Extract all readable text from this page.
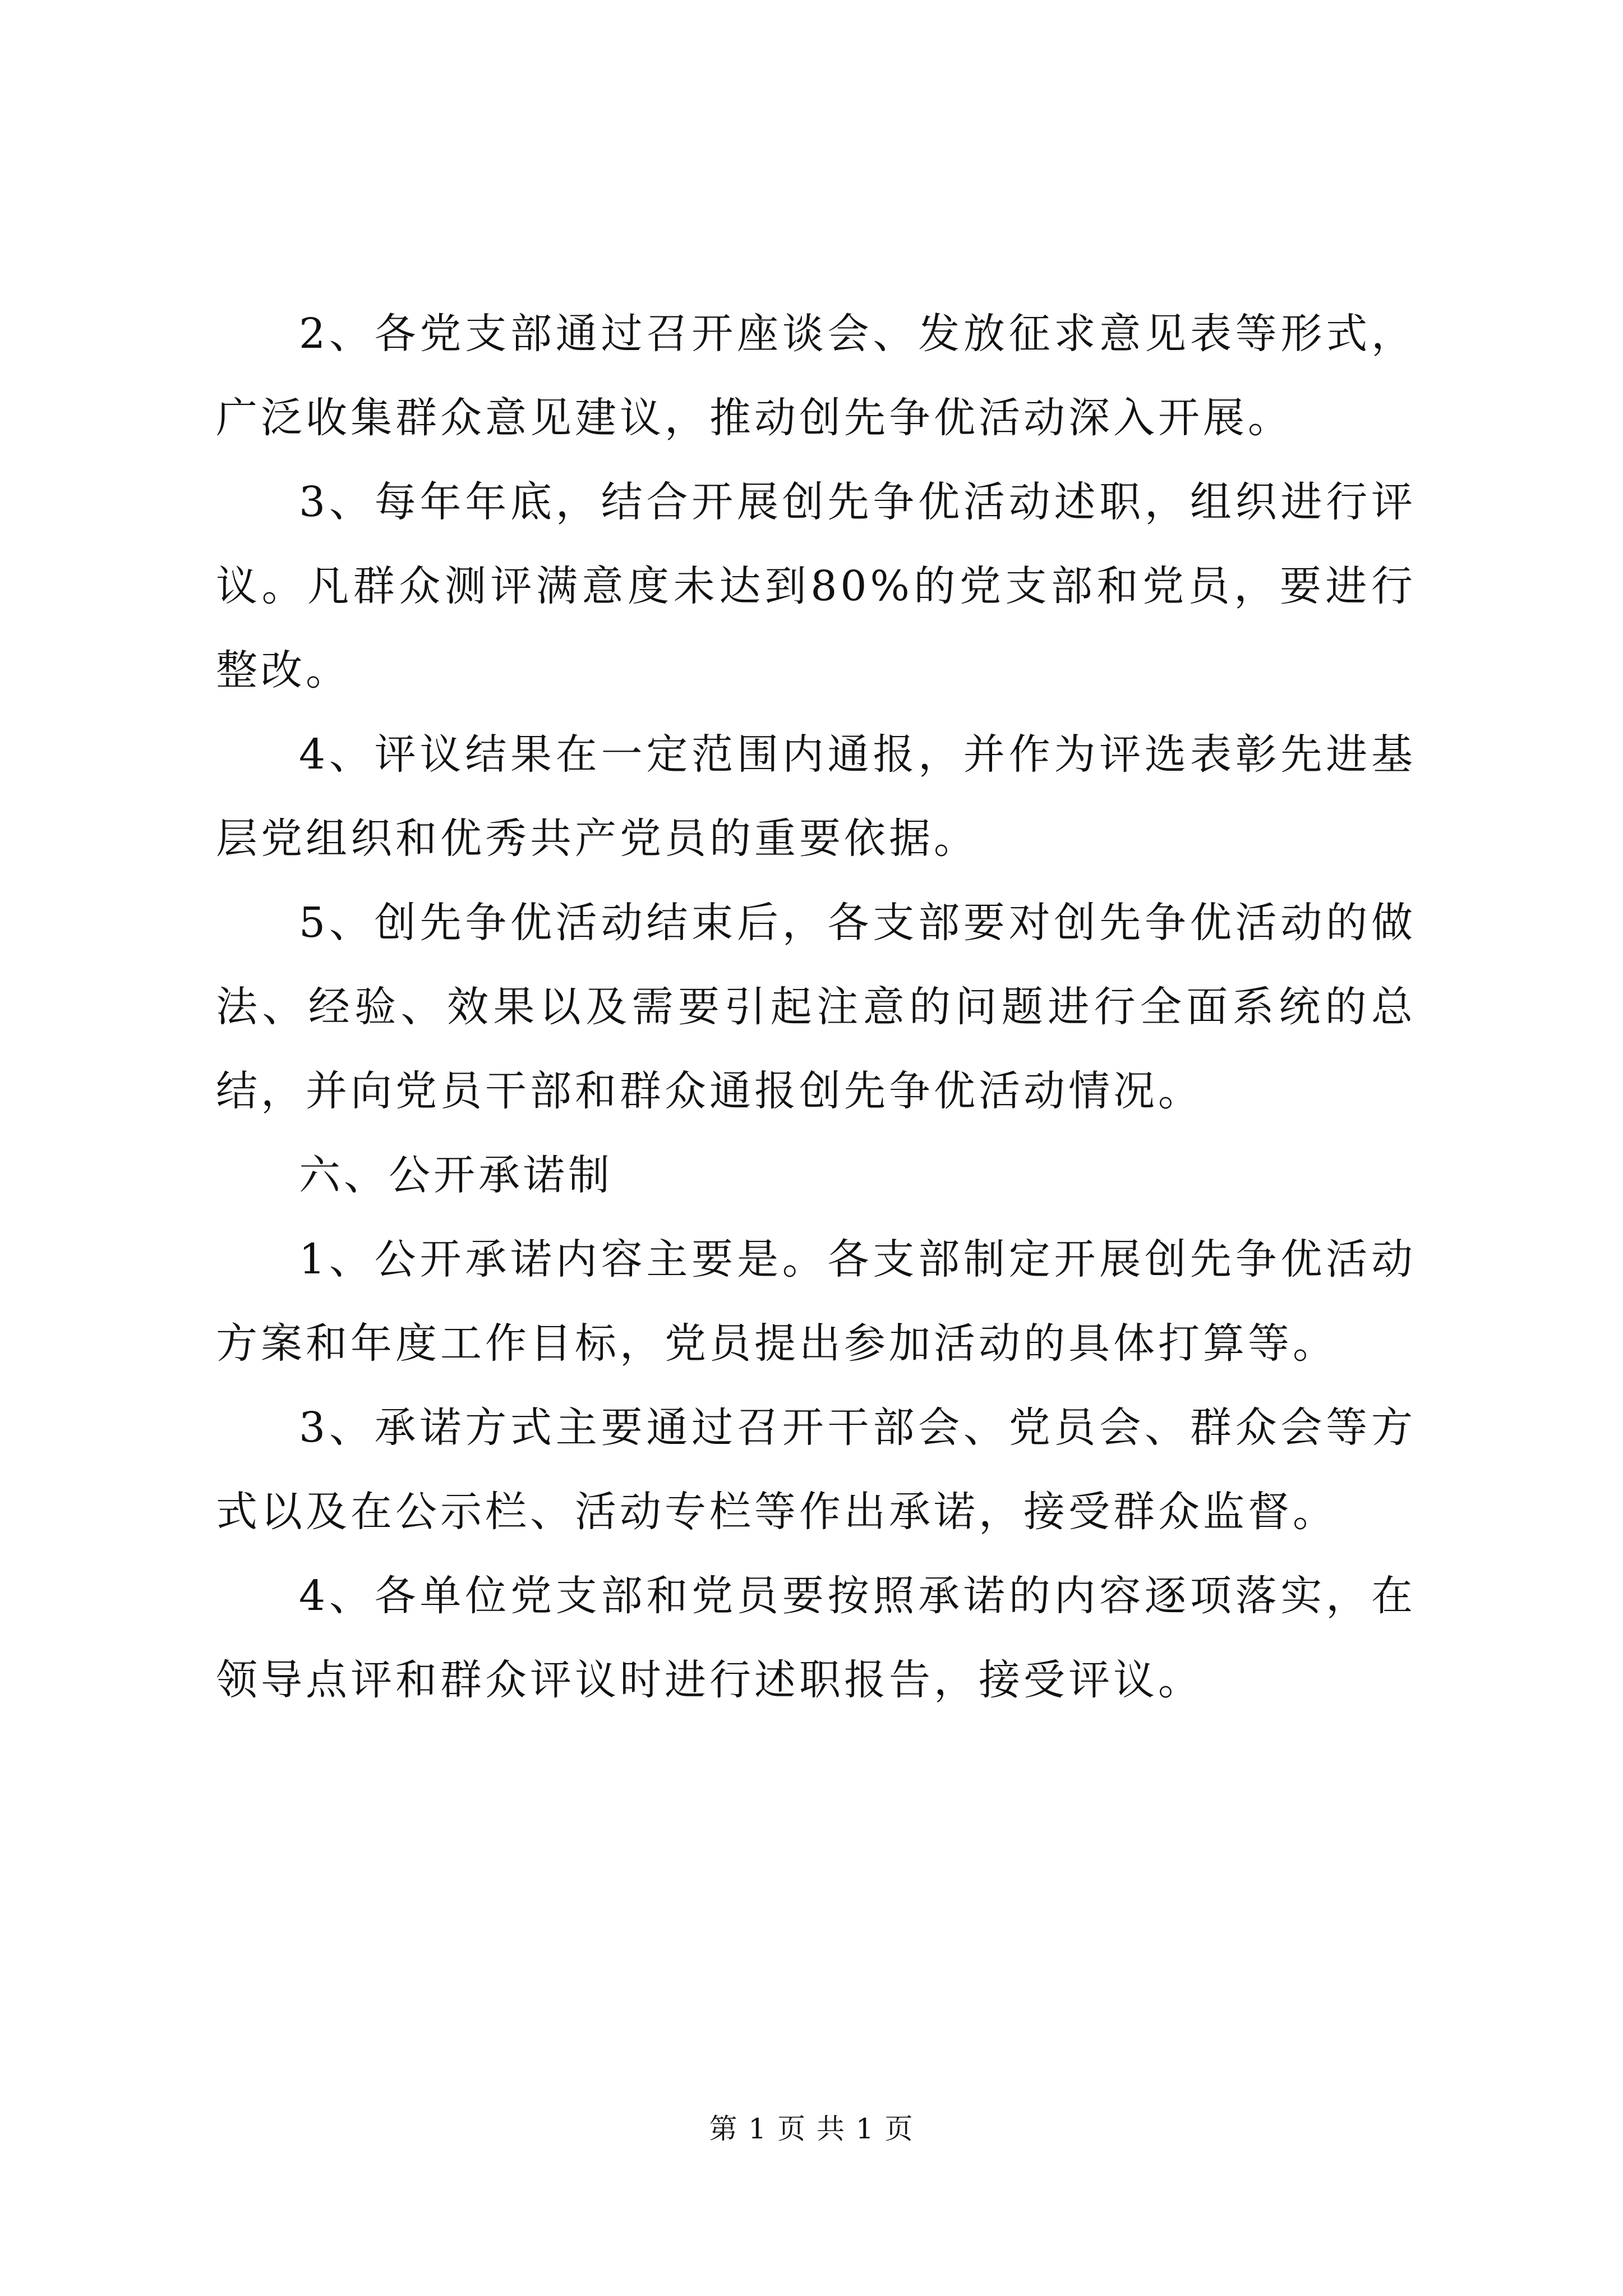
2、各党支部通过召开座谈会、发放征求意见表等形式，广泛收集群众意见建议，推动创先争优活动深入开展。

3、每年年底，结合开展创先争优活动述职，组织进行评议。凡群众测评满意度未达到80%的党支部和党员，要进行整改。

4、评议结果在一定范围内通报，并作为评选表彰先进基层党组织和优秀共产党员的重要依据。

5、创先争优活动结束后，各支部要对创先争优活动的做法、经验、效果以及需要引起注意的问题进行全面系统的总结，并向党员干部和群众通报创先争优活动情况。

六、公开承诺制

1、公开承诺内容主要是。各支部制定开展创先争优活动方案和年度工作目标，党员提出参加活动的具体打算等。

3、承诺方式主要通过召开干部会、党员会、群众会等方式以及在公示栏、活动专栏等作出承诺，接受群众监督。

4、各单位党支部和党员要按照承诺的内容逐项落实，在领导点评和群众评议时进行述职报告，接受评议。

第 1 页 共 1 页
